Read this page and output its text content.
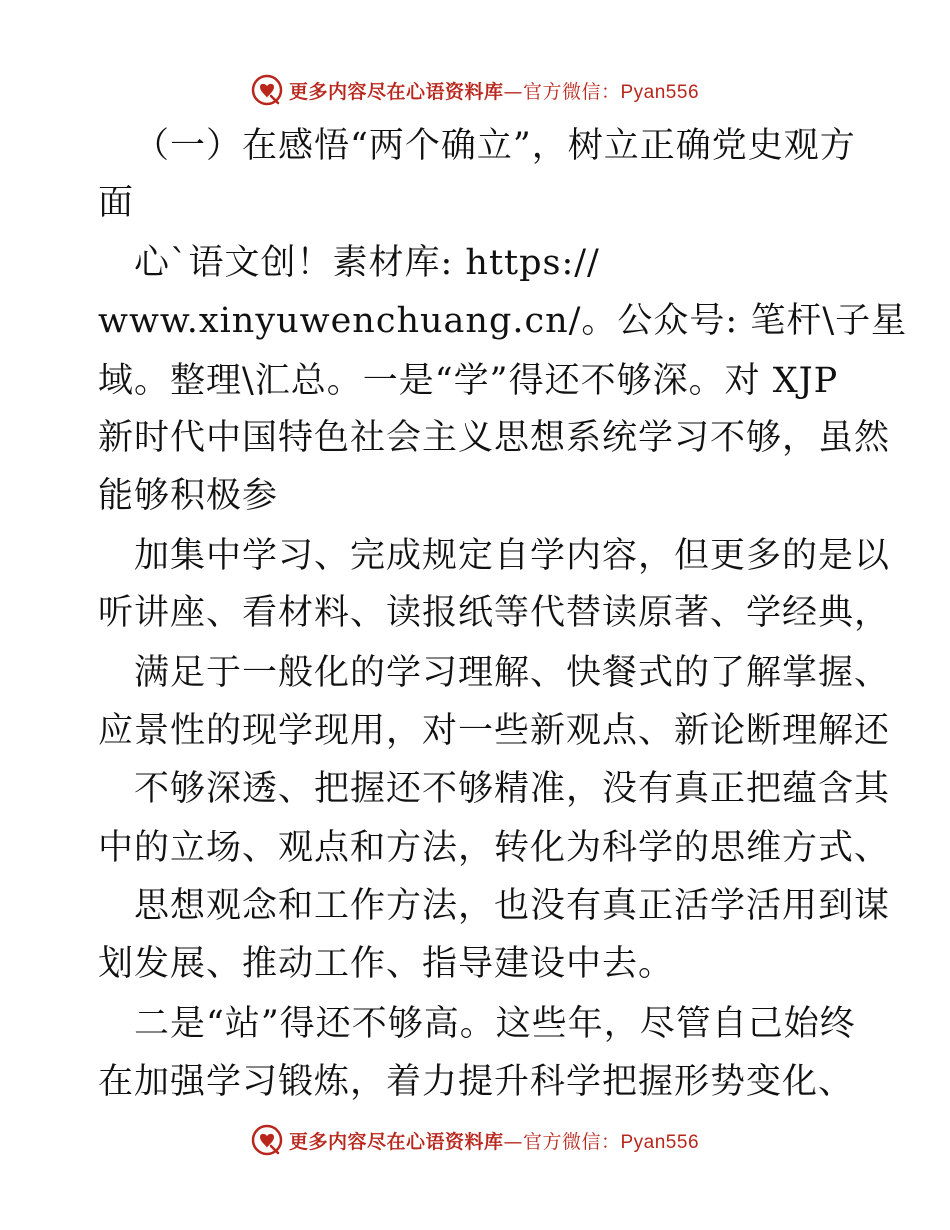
更多内容尽在心语资料库—官方微信：Pyan556
（一）在感悟“两个确立”，树立正确党史观方
面
心`语文创！素材库: https://
www.xinyuwenchuang.cn/。公众号: 笔杆\子星
域。整理\汇总。一是“学”得还不够深。对 XJP
新时代中国特色社会主义思想系统学习不够，虽然
能够积极参
加集中学习、完成规定自学内容，但更多的是以
听讲座、看材料、读报纸等代替读原著、学经典，
满足于一般化的学习理解、快餐式的了解掌握、
应景性的现学现用，对一些新观点、新论断理解还
不够深透、把握还不够精准，没有真正把蕴含其
中的立场、观点和方法，转化为科学的思维方式、
思想观念和工作方法，也没有真正活学活用到谋
划发展、推动工作、指导建设中去。
二是“站”得还不够高。这些年，尽管自己始终
在加强学习锻炼，着力提升科学把握形势变化、
更多内容尽在心语资料库—官方微信：Pyan556
